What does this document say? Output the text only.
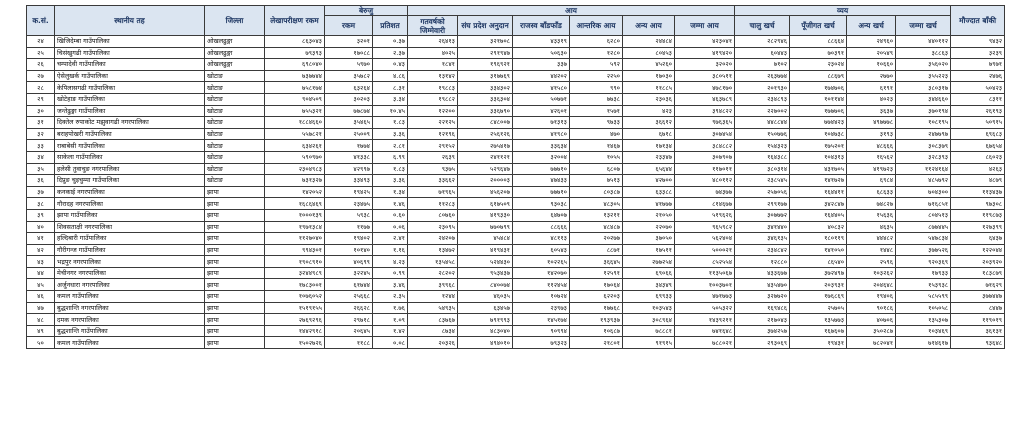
क.सं.	स्थानीय तह	जिल्ला	लेखापरीक्षण रकम	बेरुजु		आय						व्यय				मौज्दात बाँकी
				रकम	प्रतिशत	गतवर्षको जिम्मेवारी	संघ प्रदेश अनुदान	राजस्व बाँडफाँड	आन्तरिक आय	अन्य आय	जम्मा आय	चालु खर्च	पूँजीगत खर्च	अन्य खर्च	जम्मा खर्च	
२४	खिजिदेम्बा गाउँपालिका	ओखलढुङ्गा	८६३०४३	३२०१	०.३७	२६४१३	३२१७०८	४३३१९	६२८०	२४४८४	४२३०४१	२८२९४६	८८६६४	२४९६०	४४०११२	९४३२
२५	चिसंखुगढी गाउँपालिका	ओखलढुङ्गा	७९३९३	१७०८८	२.३७	४०२५	२९१९४७	५०६३०	१२८०	८०४५३	४१९४२०	६०४४३	७०३९१	२०५४९	३८८६३	३२३९
२६	चम्पादेवी गाउँपालिका	ओखलढुङ्गा	६९८०४०	५९७०	०.४३	१८४१	१९६९२१	३३७	५९२	४५२६०	३२०२०	७१०२	२३०२४	१०६६०	३५६०२०	७९७१
२७	ऐसेलुखर्क गाउँपालिका	खोटाङ	७३७७४४	३५७८२	४.८६	१३१४२	३१७७६९	४४२०२	२२५०	१७०३०	३८०५११	२६३७७४	८८६७९	२७७०	३५५२२३	२४७६
२८	केपिलासगढी गाउँपालिका	खोटाङ	७५८१७४	६३२६४	८.३१	१९८८३	३३४३०२	४१५८०	९९०	११८८५	४७८१७०	२०१९३०	१७४७०६	६१९१	३८०३१७	५०४२३
२९	खोटेहाङ गाउँपालिका	खोटाङ	९०४५०९	३०२०३	३.३४	१९८८२	३३६३०४	५०७७१	७७३८	२३०३६	४६३७८९	२३४८९३	१०११४४	४०२३	३४४६६०	८३११
३०	जन्तेढुङ्गा गाउँपालिका	खोटाङ	७५५३२१	७७८७४	१०.४५	१२२००	३३६७९०	४२६०१	१५७१	४२३	३९४८२२	२२७००२	१७७७०६	३६३७	३७०१९४	२६१९३
३१	दिक्तेल रुपाकोट मझुवागढी नगरपालिका	खोटाङ	१८८४६६०	३५४६५	१.८३	२२१२५	८४८००७	७१३१३	९७३३	३६६१२	९७६३६५	४४८८४४	७७४४२३	४९७७७८	१०८१९५	५०९१५
३२	बराहपोखरी गाउँपालिका	खोटाङ	५५७८२१	२५००९	३.३६	१२१९६	२५६१२६	४१९८०	४७०	६७१८	३०७४५४	१५०७७६	१०४७३८	३१९३	२४७७९७	६९६८३
३३	राबाबेसी गाउँपालिका	खोटाङ	६३४२६१	१७७४	२.८१	२९१५२	२७५४१७	३३६३४	१४६७	१७१३४	३८४८८२	१५४३२३	१७५२०१	४८६६६	३०८३७९	६७६५४
३४	साकेला गाउँपालिका	खोटाङ	५९०९७०	४१३३८	६.९९	२६३९	२४११२१	३२००४	१०५५	२३३४७	३०७९०७	१६४३८८	१०४३१३	१६५६२	३२८३९३	८६०२३
३५	हलेसी तुवाचुङ नगरपालिका	खोटाङ	२३०४९८३	४२९९७	१.८३	९३७५	५२९६४७	७७७१०	६८०७	६५६४४	११७०११	३८०३१४	४३१७०५	४१९७२३	११२४१६४	४२६३
३६	दिप्रुङ चुइचुम्मा गाउँपालिका	खोटाङ	७३१३२७	३३४९३	३.३६	३३६६२	२००००३	४७४३३	७५१३	४२७००	४८०११२	२३८५४५	१४१७२७	६९८४	४८५७९२	४८७९
३७	कनकाई नगरपालिका	झापा	१४२०५२	१९४२५	१.३४	७१९६५	४५६२०७	७७७१०	८०३८७	६३३८८	७४३७७	२५७०५६	१६४४११	६८६३३	७०४३००	११३४३७
३८	गौरादह नगरपालिका	झापा	१६८६४६९	२३४७५	१.४६	११२८३	६१७५०९	९३०३८	४८३०५	४१७७७	८१४६७७	२९९१७७	३४२८४७	७४८२७	७१६८५१	९७३०८
३९	झापा गाउँपालिका	झापा	१०००१३९	५९३८	०.६०	८०७६०	४१९३३०	६४७०७	१३२११	२१०५०	५१९६२६	३०७७७२	१६४४०५	१५६३६	८०४५१३	११९८७३
४०	शिवसताक्षी नगरपालिका	झापा	१९७१३८४	११७७	०.०६	२३०९५	७७०७९९	८८६६६	४८४८७	२२०७०	९६५९८२	३४१४४०	४०८३२	४६३५	८७७४४५	१२७३९९
४१	हल्दिबारी गाउँपालिका	झापा	११२७०४०	१९४०२	२.४१	२४२०७	४५४८४	४८११३	२०२७७	३७०५०	५६२४०४	३४६१३५	१८०११९	४४४८२	५४७८३४	६४३७
४२	गौरीगन्ज गाउँपालिका	झापा	९९४३०१	१०१४०	१.१६	१३४७२	४१९४३१	६०५४३	८८७१	१७५११	५०००२१	२३४८४२	१४१०५०	१४४८	३७७५२६	१२२०४४
४३	भद्रपुर नगरपालिका	झापा	१९०८९१०	४०६९९	४.२३	१३५४५८	५२४४३०	१०२२६५	३६६४५	२७७२५४	८५२५५४	१२८८०	८६५४०	२५९६	९२०३६९	२०३९२०
४४	मेचीनगर नगरपालिका	झापा	३२४४९८९	३२२४५	०.९९	२८२०२	९५३४३७	१४२०७०	१२५९१	६९०६६	११३५०६७	४३३६७७	३७२४९७	१०३२६२	१७९३३	१८३८७९
४५	अर्जुनधारा नगरपालिका	झापा	१७८३००१	६१७४४	३.४६	३९९६८	८४००७४	११२४५४	१७०६४	३४३४९	१००३७०१	४३५४७०	२०३९३१	२०४६४८	१५३९३८	७१६२९
४६	कमल गाउँपालिका	झापा	१०७६०५२	२५६६८	२.३५	१२४४	४६०३५	१०७२४	६२२०३	६९९३३	४७१७७३	३२७७२०	१७६८६९	१९४०६	५८५५९९	३७७४४७
४७	बुद्धशान्ति नगरपालिका	झापा	१५१९१५५	२६६२८	१.७६	५४९३५	६३४५७	२३९७३	१७७६८	१०३५४३	५०५३२२	१६९४८६	२५७०५	९०१८६	१०५०५८	८४४७
४८	दमक नगरपालिका	झापा	२७६९२९६	२९७१८	१.०९	८३७६७	७९१९९३	१४५१७४	१९३९३७	३०८९६४	१४३९२११	२१७०४३	१३५७७३	४०७०६	१३५३०७	११९०१९
४९	बुद्धशान्ति गाउँपालिका	झापा	१४४२९१८	२०६४५	१.४२	८७३४	४८३०४०	९०९९४	१०६८७	७८८८१	७४१६४८	३७४२५७	१६७६०७	३५०२८७	१०३४६९	३६१३१
५०	कमल गाउँपालिका	झापा	१५०२७२६	११८८	०.०८	२०३२६	४९४०१०	७९३२३	२१८०१	९१९१५	७८८०२१	२९३०६९	१९४३१	७८२०४१	७१४६१७	९३६४८
